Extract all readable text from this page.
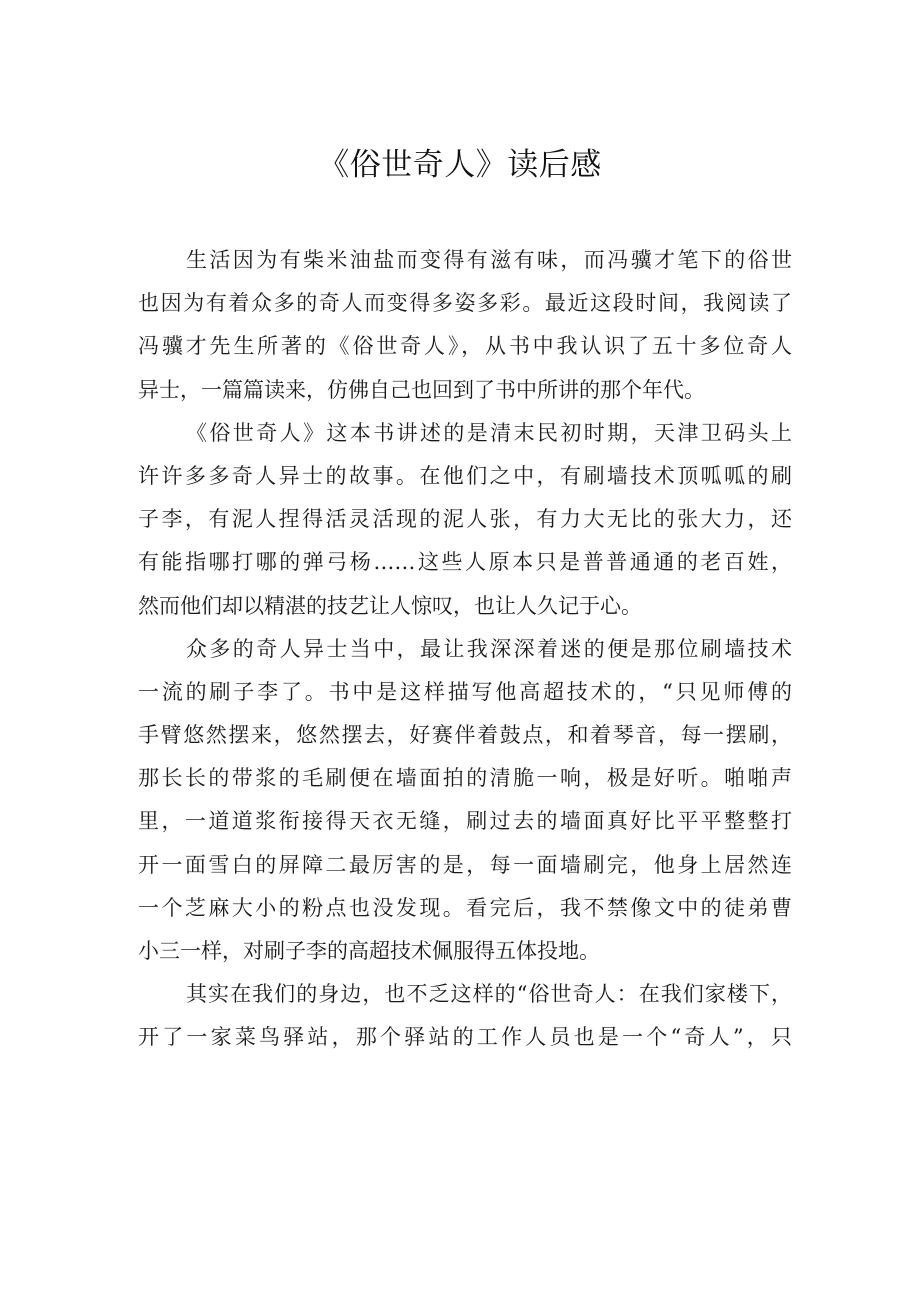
《俗世奇人》读后感
生活因为有柴米油盐而变得有滋有味，而冯骥才笔下的俗世
也因为有着众多的奇人而变得多姿多彩。最近这段时间，我阅读了
冯骥才先生所著的《俗世奇人》，从书中我认识了五十多位奇人
异士，一篇篇读来，仿佛自己也回到了书中所讲的那个年代。
《俗世奇人》这本书讲述的是清末民初时期，天津卫码头上
许许多多奇人异士的故事。在他们之中，有刷墙技术顶呱呱的刷
子李，有泥人捏得活灵活现的泥人张，有力大无比的张大力，还
有能指哪打哪的弹弓杨……这些人原本只是普普通通的老百姓，
然而他们却以精湛的技艺让人惊叹，也让人久记于心。
众多的奇人异士当中，最让我深深着迷的便是那位刷墙技术
一流的刷子李了。书中是这样描写他高超技术的，“只见师傅的
手臂悠然摆来，悠然摆去，好赛伴着鼓点，和着琴音，每一摆刷，
那长长的带浆的毛刷便在墙面拍的清脆一响，极是好听。啪啪声
里，一道道浆衔接得天衣无缝，刷过去的墙面真好比平平整整打
开一面雪白的屏障二最厉害的是，每一面墙刷完，他身上居然连
一个芝麻大小的粉点也没发现。看完后，我不禁像文中的徒弟曹
小三一样，对刷子李的高超技术佩服得五体投地。
其实在我们的身边，也不乏这样的“俗世奇人：在我们家楼下，
开了一家菜鸟驿站，那个驿站的工作人员也是一个“奇人”，只
